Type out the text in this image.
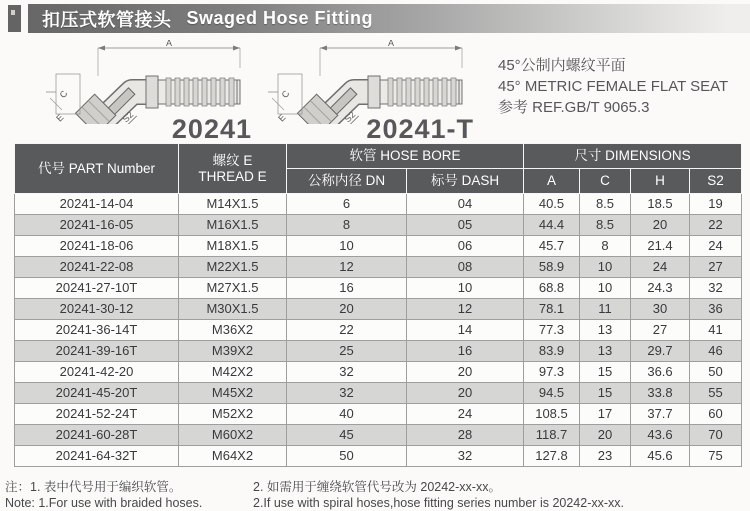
扣压式软管接头 Swaged Hose Fitting
A
C
E	S2 20241
A
C
E	S2 20241-T
45°公制内螺纹平面
45° METRIC FEMALE FLAT SEAT
参考 REF.GB/T 9065.3
代号 PART Number	螺纹 E
THREAD E	软管 HOSE BORE		尺寸 DIMENSIONS			
		公称内径 DN	标号 DASH	A	C	H	S2
20241-14-04	M14X1.5	6	04	40.5	8.5	18.5	19
20241-16-05	M16X1.5	8	05	44.4	8.5	20	22
20241-18-06	M18X1.5	10	06	45.7	8	21.4	24
20241-22-08	M22X1.5	12	08	58.9	10	24	27
20241-27-10T	M27X1.5	16	10	68.8	10	24.3	32
20241-30-12	M30X1.5	20	12	78.1	11	30	36
20241-36-14T	M36X2	22	14	77.3	13	27	41
20241-39-16T	M39X2	25	16	83.9	13	29.7	46
20241-42-20	M42X2	32	20	97.3	15	36.6	50
20241-45-20T	M45X2	32	20	94.5	15	33.8	55
20241-52-24T	M52X2	40	24	108.5	17	37.7	60
20241-60-28T	M60X2	45	28	118.7	20	43.6	70
20241-64-32T	M64X2	50	32	127.8	23	45.6	75
注：1. 表中代号用于编织软管。
Note: 1.For use with braided hoses.
2. 如需用于缠绕软管代号改为 20242-xx-xx。
2.If use with spiral hoses,hose fitting series number is 20242-xx-xx.
